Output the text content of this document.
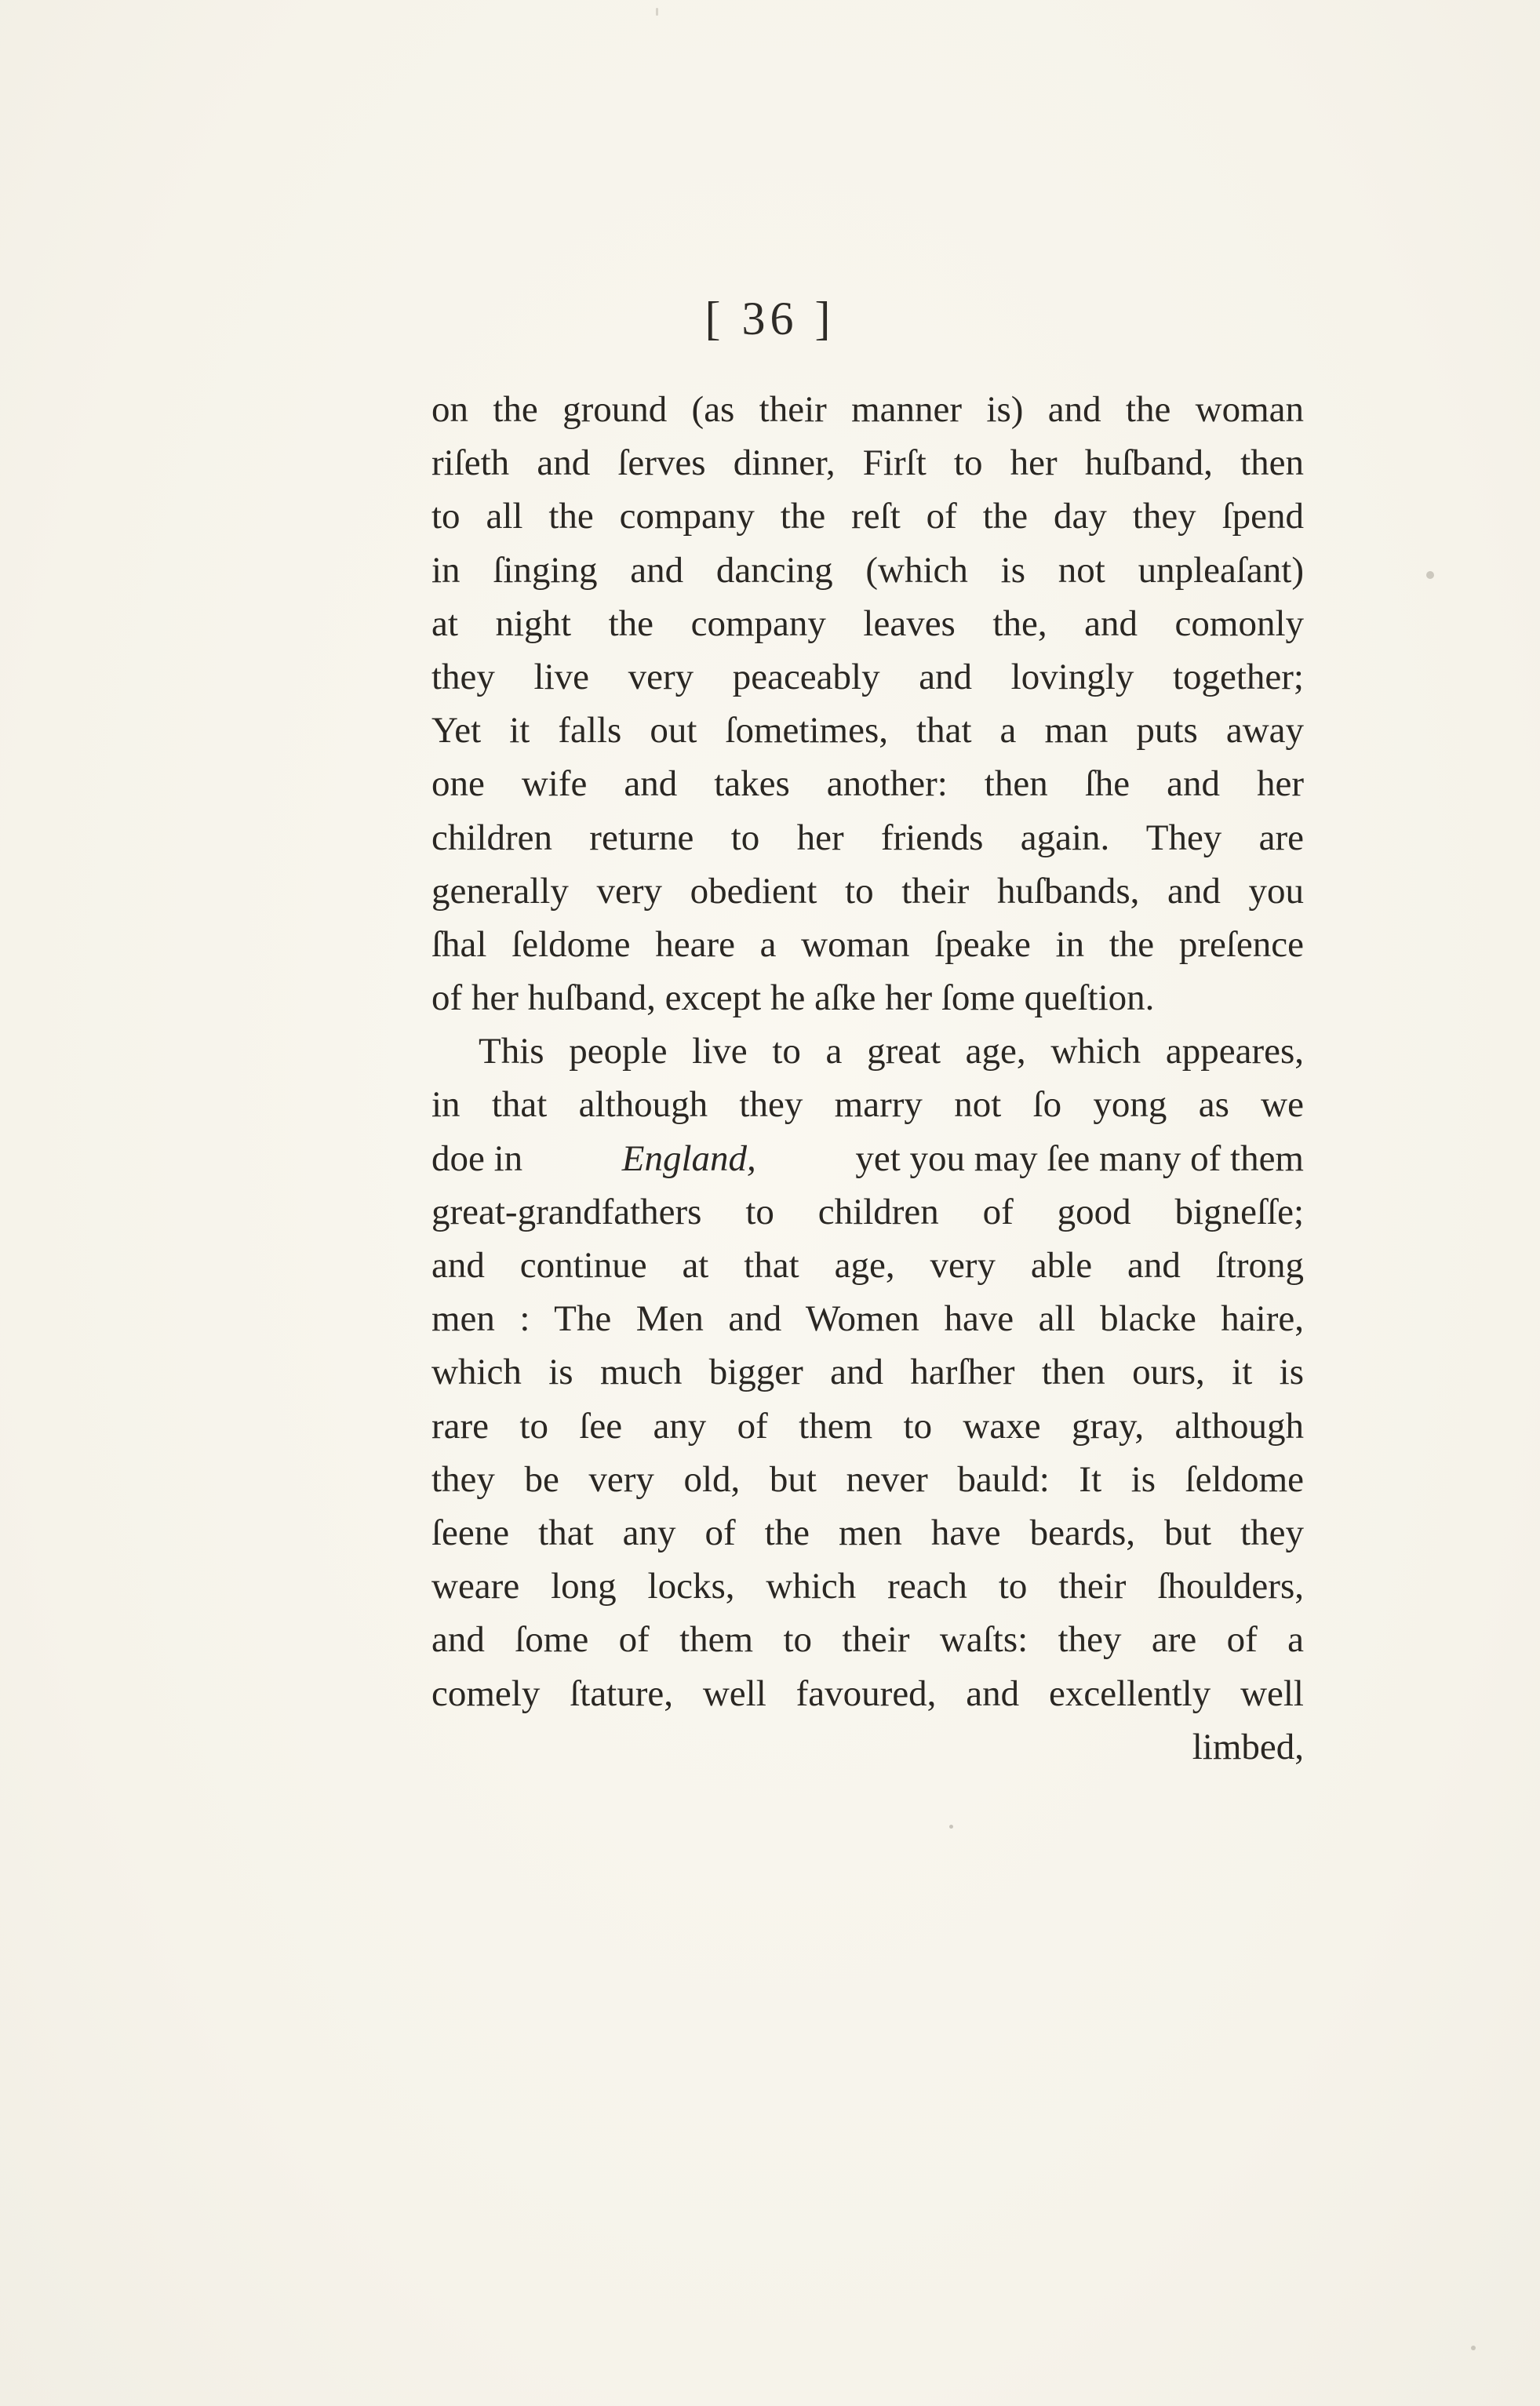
[ 36 ]
on the ground (as their manner is) and the woman
riſeth and ſerves dinner, Firſt to her huſband, then
to all the company the reſt of the day they ſpend
in ſinging and dancing (which is not unpleaſant)
at night the company leaves the, and comonly
they live very peaceably and lovingly together;
Yet it falls out ſometimes, that a man puts away
one wife and takes another: then ſhe and her
children returne to her friends again. They are
generally very obedient to their huſbands, and you
ſhal ſeldome heare a woman ſpeake in the preſence
of her huſband, except he aſke her ſome queſtion.
This people live to a great age, which appeares,
in that although they marry not ſo yong as we
doe in	England,	yet you may ſee many of them
great-grandfathers to children of good bigneſſe;
and continue at that age, very able and ſtrong
men : The Men and Women have all blacke haire,
which is much bigger and harſher then ours, it is
rare to ſee any of them to waxe gray, although
they be very old, but never bauld: It is ſeldome
ſeene that any of the men have beards, but they
weare long locks, which reach to their ſhoulders,
and ſome of them to their waſts: they are of a
comely ſtature, well favoured, and excellently well
limbed,
